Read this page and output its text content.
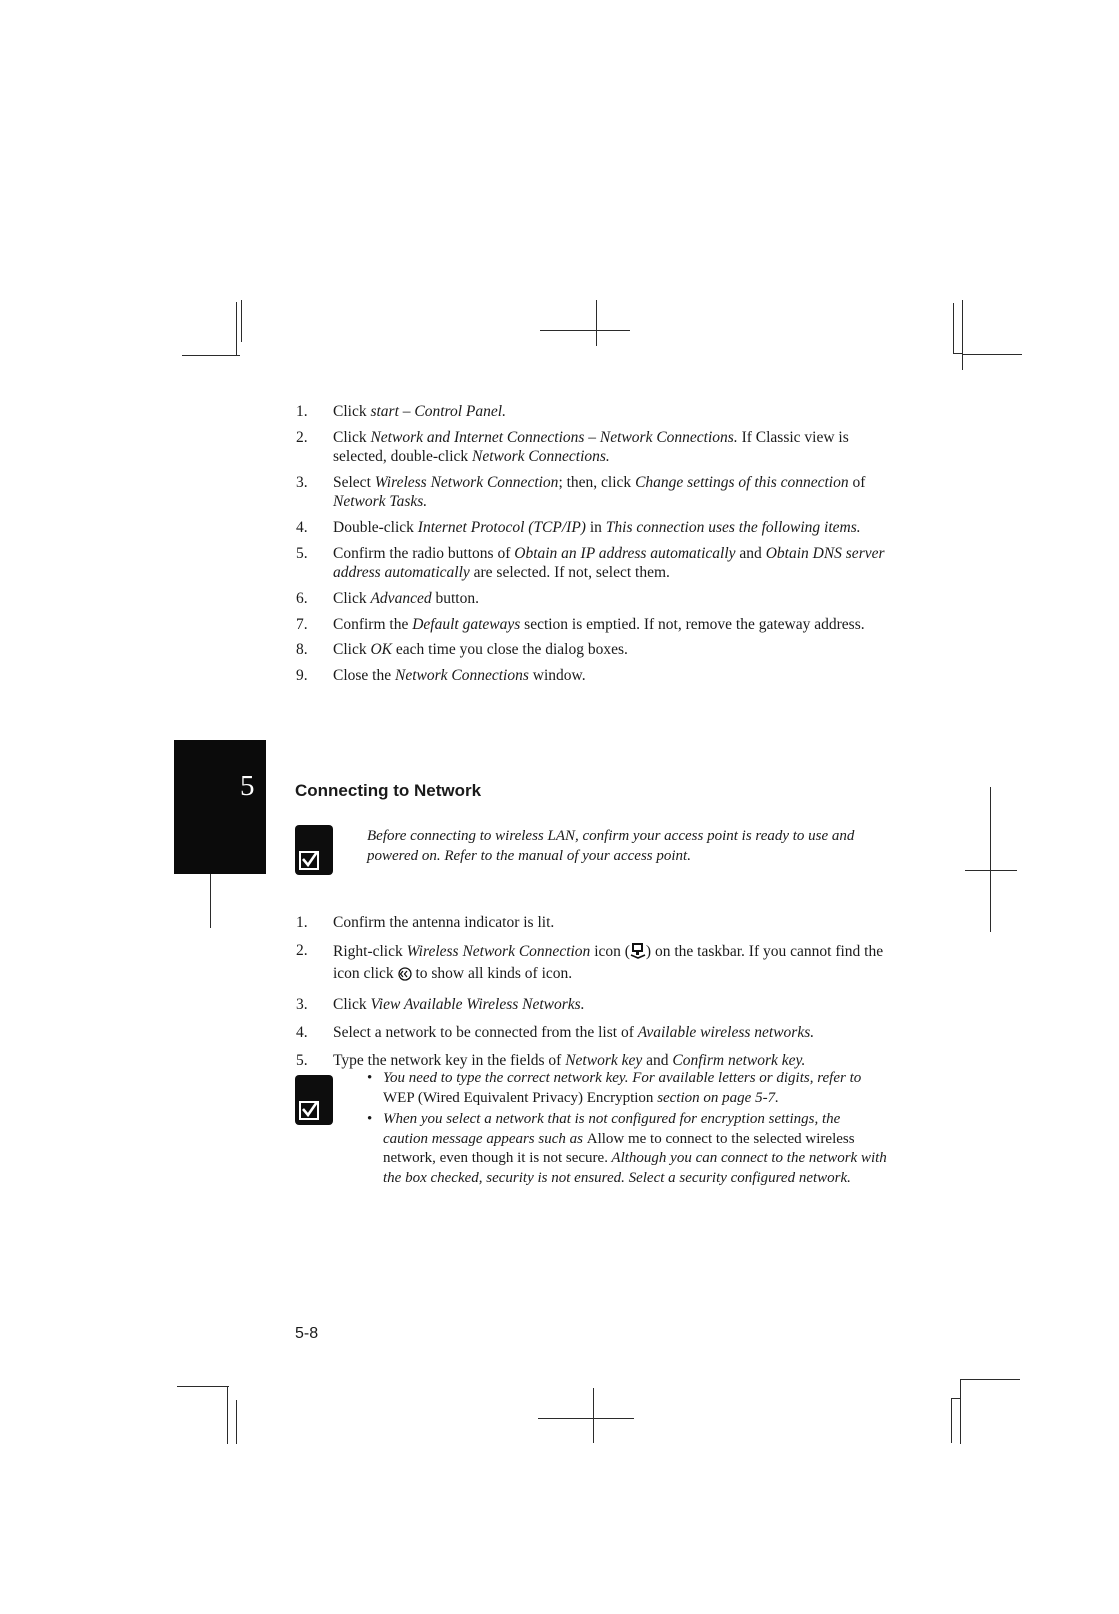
5
1.	Click start – Control Panel.
2.	Click Network and Internet Connections – Network Connections. If Classic view is selected, double-click Network Connections.
3.	Select Wireless Network Connection; then, click Change settings of this connection of Network Tasks.
4.	Double-click Internet Protocol (TCP/IP) in This connection uses the following items.
5.	Confirm the radio buttons of Obtain an IP address automatically and Obtain DNS server address automatically are selected. If not, select them.
6.	Click Advanced button.
7.	Confirm the Default gateways section is emptied. If not, remove the gateway address.
8.	Click OK each time you close the dialog boxes.
9.	Close the Network Connections window.
Connecting to Network

Before connecting to wireless LAN, confirm your access point is ready to use and powered on. Refer to the manual of your access point.

1.	Confirm the antenna indicator is lit.
2.	Right-click Wireless Network Connection icon ( ) on the taskbar. If you cannot find the icon click  to show all kinds of icon.
3.	Click View Available Wireless Networks.
4.	Select a network to be connected from the list of Available wireless networks.
5.	Type the network key in the fields of Network key and Confirm network key.
• You need to type the correct network key. For available letters or digits, refer to WEP (Wired Equivalent Privacy) Encryption section on page 5-7.
• When you select a network that is not configured for encryption settings, the caution message appears such as Allow me to connect to the selected wireless network, even though it is not secure. Although you can connect to the network with the box checked, security is not ensured. Select a security configured network.

5-8
